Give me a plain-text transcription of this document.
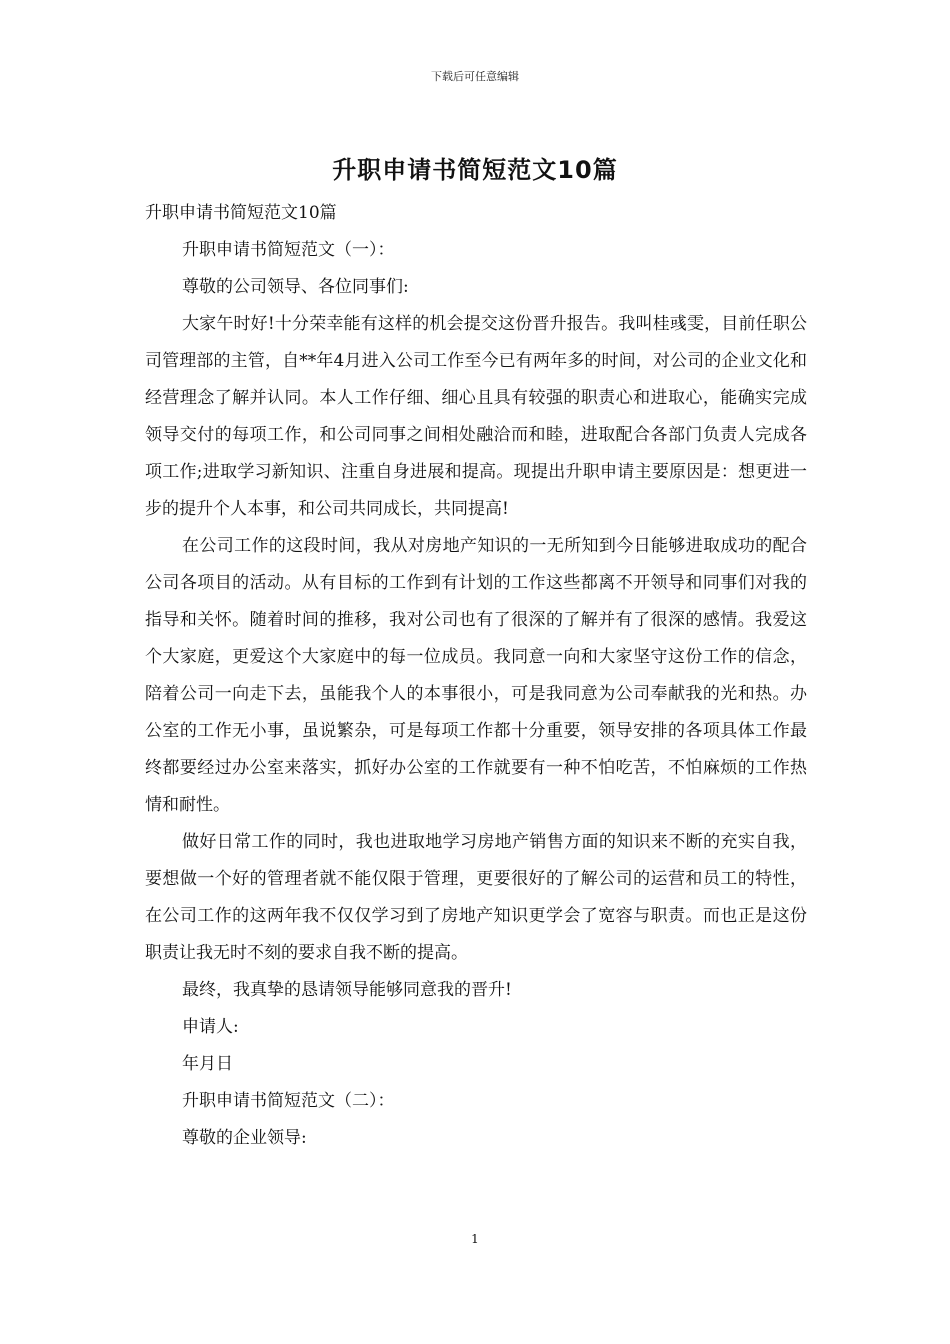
下载后可任意编辑
升职申请书简短范文10篇

升职申请书简短范文10篇

升职申请书简短范文（一）：

尊敬的公司领导、各位同事们:

大家午时好!十分荣幸能有这样的机会提交这份晋升报告。我叫桂彧雯，目前任职公司管理部的主管，自**年4月进入公司工作至今已有两年多的时间，对公司的企业文化和经营理念了解并认同。本人工作仔细、细心且具有较强的职责心和进取心，能确实完成领导交付的每项工作，和公司同事之间相处融洽而和睦，进取配合各部门负责人完成各项工作;进取学习新知识、注重自身进展和提高。现提出升职申请主要原因是：想更进一步的提升个人本事，和公司共同成长，共同提高!

在公司工作的这段时间，我从对房地产知识的一无所知到今日能够进取成功的配合公司各项目的活动。从有目标的工作到有计划的工作这些都离不开领导和同事们对我的指导和关怀。随着时间的推移，我对公司也有了很深的了解并有了很深的感情。我爱这个大家庭，更爱这个大家庭中的每一位成员。我同意一向和大家坚守这份工作的信念，陪着公司一向走下去，虽能我个人的本事很小，可是我同意为公司奉献我的光和热。办公室的工作无小事，虽说繁杂，可是每项工作都十分重要，领导安排的各项具体工作最终都要经过办公室来落实，抓好办公室的工作就要有一种不怕吃苦，不怕麻烦的工作热情和耐性。

做好日常工作的同时，我也进取地学习房地产销售方面的知识来不断的充实自我，要想做一个好的管理者就不能仅限于管理，更要很好的了解公司的运营和员工的特性，在公司工作的这两年我不仅仅学习到了房地产知识更学会了宽容与职责。而也正是这份职责让我无时不刻的要求自我不断的提高。

最终，我真挚的恳请领导能够同意我的晋升!

申请人:

年月日

升职申请书简短范文（二）：

尊敬的企业领导:

1
